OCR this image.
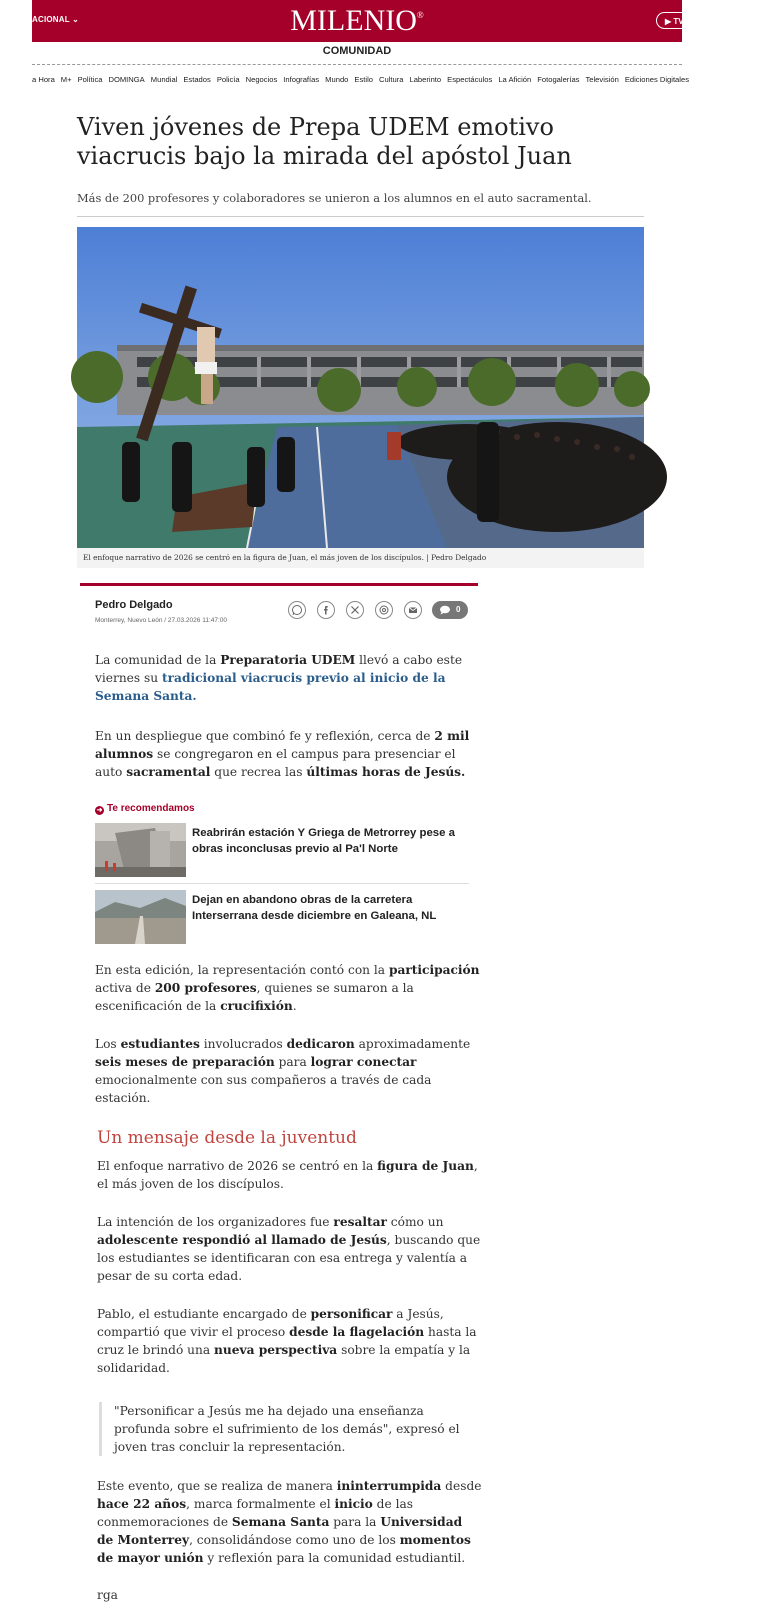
ACIONAL ⌄	MILENIO®
▶ TV
COMUNIDAD
a Hora M+ Política DOMINGA Mundial Estados Policía Negocios Infografías Mundo Estilo Cultura Laberinto Espectáculos La Afición Fotogalerías Televisión Ediciones Digitales
Viven jóvenes de Prepa UDEM emotivo viacrucis bajo la mirada del apóstol Juan
Más de 200 profesores y colaboradores se unieron a los alumnos en el auto sacramental.
El enfoque narrativo de 2026 se centró en la figura de Juan, el más joven de los discípulos. | Pedro Delgado
Pedro Delgado
Monterrey, Nuevo León / 27.03.2026 11:47:00
0

La comunidad de la Preparatoria UDEM llevó a cabo este viernes su tradicional viacrucis previo al inicio de la Semana Santa.

En un despliegue que combinó fe y reflexión, cerca de 2 mil alumnos se congregaron en el campus para presenciar el auto sacramental que recrea las últimas horas de Jesús.

➜ Te recomendamos
Reabrirán estación Y Griega de Metrorrey pese a obras inconclusas previo al Pa'l Norte
Dejan en abandono obras de la carretera Interserrana desde diciembre en Galeana, NL

En esta edición, la representación contó con la participación activa de 200 profesores, quienes se sumaron a la escenificación de la crucifixión.

Los estudiantes involucrados dedicaron aproximadamente seis meses de preparación para lograr conectar emocionalmente con sus compañeros a través de cada estación.

Un mensaje desde la juventud

El enfoque narrativo de 2026 se centró en la figura de Juan, el más joven de los discípulos.

La intención de los organizadores fue resaltar cómo un adolescente respondió al llamado de Jesús, buscando que los estudiantes se identificaran con esa entrega y valentía a pesar de su corta edad.

Pablo, el estudiante encargado de personificar a Jesús, compartió que vivir el proceso desde la flagelación hasta la cruz le brindó una nueva perspectiva sobre la empatía y la solidaridad.

"Personificar a Jesús me ha dejado una enseñanza profunda sobre el sufrimiento de los demás", expresó el joven tras concluir la representación.

Este evento, que se realiza de manera ininterrumpida desde hace 22 años, marca formalmente el inicio de las conmemoraciones de Semana Santa para la Universidad de Monterrey, consolidándose como uno de los momentos de mayor unión y reflexión para la comunidad estudiantil.

rga
